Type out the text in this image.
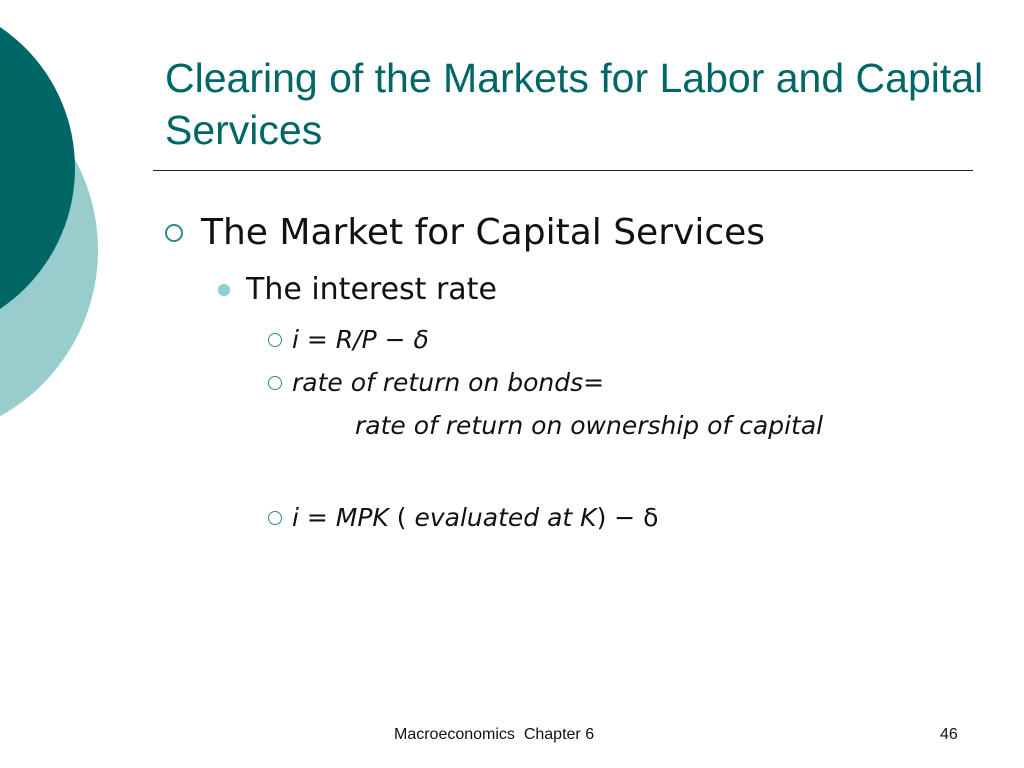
Clearing of the Markets for Labor and Capital Services
The Market for Capital Services
The interest rate
i = R/P − δ
rate of return on bonds=
rate of return on ownership of capital
i = MPK ( evaluated at K) − δ
Macroeconomics  Chapter 6	46
